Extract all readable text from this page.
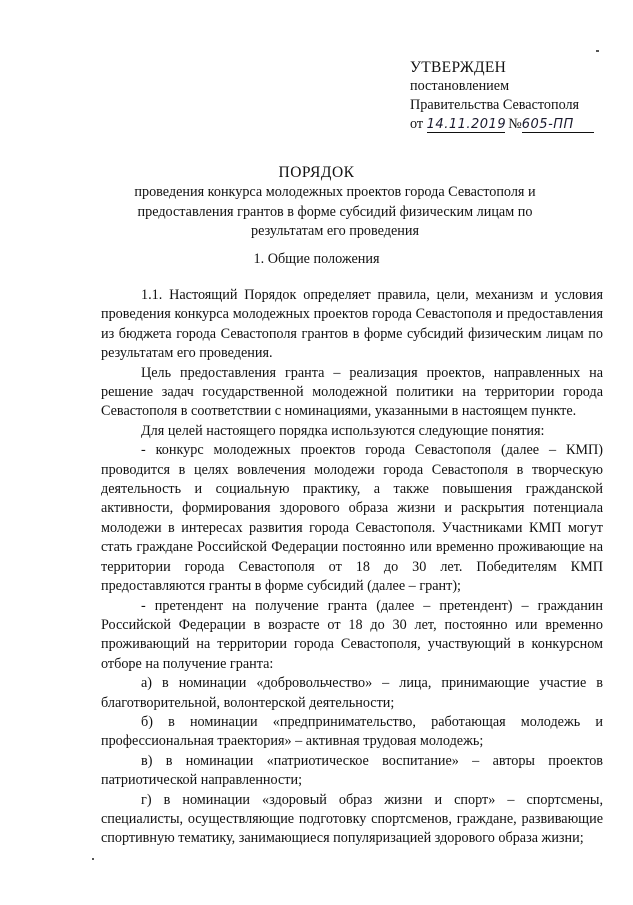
УТВЕРЖДЕН
постановлением
Правительства Севастополя
от 14.11.2019 №605-ПП
ПОРЯДОК
проведения конкурса молодежных проектов города Севастополя и предоставления грантов в форме субсидий физическим лицам по результатам его проведения
1. Общие положения

1.1. Настоящий Порядок определяет правила, цели, механизм и условия проведения конкурса молодежных проектов города Севастополя и предоставления из бюджета города Севастополя грантов в форме субсидий физическим лицам по результатам его проведения.

Цель предоставления гранта – реализация проектов, направленных на решение задач государственной молодежной политики на территории города Севастополя в соответствии с номинациями, указанными в настоящем пункте.

Для целей настоящего порядка используются следующие понятия:

- конкурс молодежных проектов города Севастополя (далее – КМП) проводится в целях вовлечения молодежи города Севастополя в творческую деятельность и социальную практику, а также повышения гражданской активности, формирования здорового образа жизни и раскрытия потенциала молодежи в интересах развития города Севастополя. Участниками КМП могут стать граждане Российской Федерации постоянно или временно проживающие на территории города Севастополя от 18 до 30 лет. Победителям КМП предоставляются гранты в форме субсидий (далее – грант);

- претендент на получение гранта (далее – претендент) – гражданин Российской Федерации в возрасте от 18 до 30 лет, постоянно или временно проживающий на территории города Севастополя, участвующий в конкурсном отборе на получение гранта:

а) в номинации «добровольчество» – лица, принимающие участие в благотворительной, волонтерской деятельности;

б) в номинации «предпринимательство, работающая молодежь и профессиональная траектория» – активная трудовая молодежь;

в) в номинации «патриотическое воспитание» – авторы проектов патриотической направленности;

г) в номинации «здоровый образ жизни и спорт» – спортсмены, специалисты, осуществляющие подготовку спортсменов, граждане, развивающие спортивную тематику, занимающиеся популяризацией здорового образа жизни;
